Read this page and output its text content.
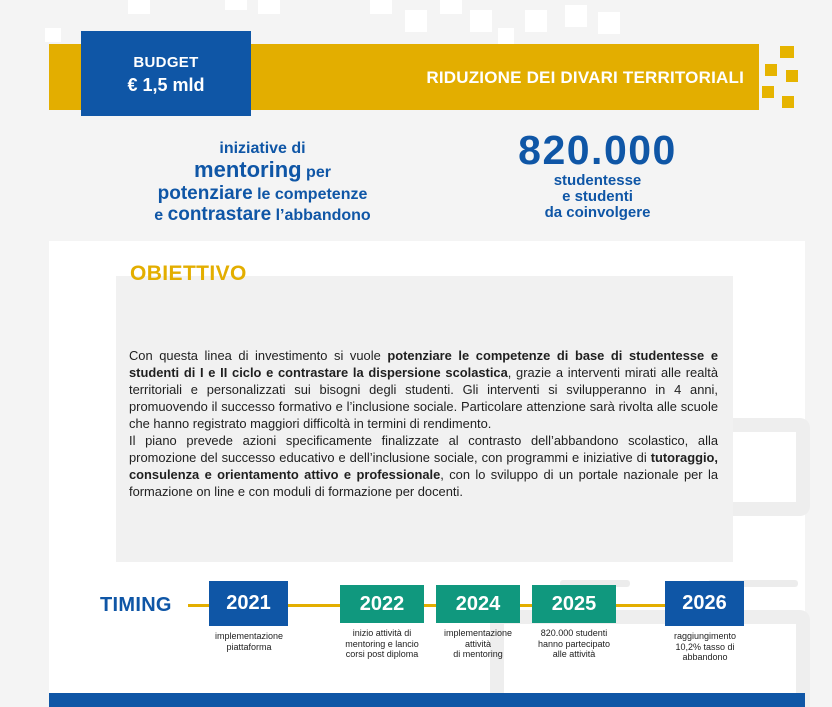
RIDUZIONE DEI DIVARI TERRITORIALI
BUDGET
€ 1,5 mld
iniziative di
mentoring per
potenziare le competenze
e contrastare l’abbandono
820.000
studentesse
e studenti
da coinvolgere
OBIETTIVO

Con questa linea di investimento si vuole potenziare le competenze di base di studentesse e studenti di I e II ciclo e contrastare la dispersione scolastica, grazie a interventi mirati alle realtà territoriali e personalizzati sui bisogni degli studenti. Gli interventi si svilupperanno in 4 anni, promuovendo il successo formativo e l’inclusione sociale. Particolare attenzione sarà rivolta alle scuole che hanno registrato maggiori difficoltà in termini di rendimento.

Il piano prevede azioni specificamente finalizzate al contrasto dell’abbandono scolastico, alla promozione del successo educativo e dell’inclusione sociale, con programmi e iniziative di tutoraggio, consulenza e orientamento attivo e professionale, con lo sviluppo di un portale nazionale per la formazione on line e con moduli di formazione per docenti.

TIMING	2021
implementazione
piattaforma
2022
inizio attività di
mentoring e lancio
corsi post diploma
2024
implementazione
attività
di mentoring
2025
820.000 studenti
hanno partecipato
alle attività
2026
raggiungimento
10,2% tasso di
abbandono
